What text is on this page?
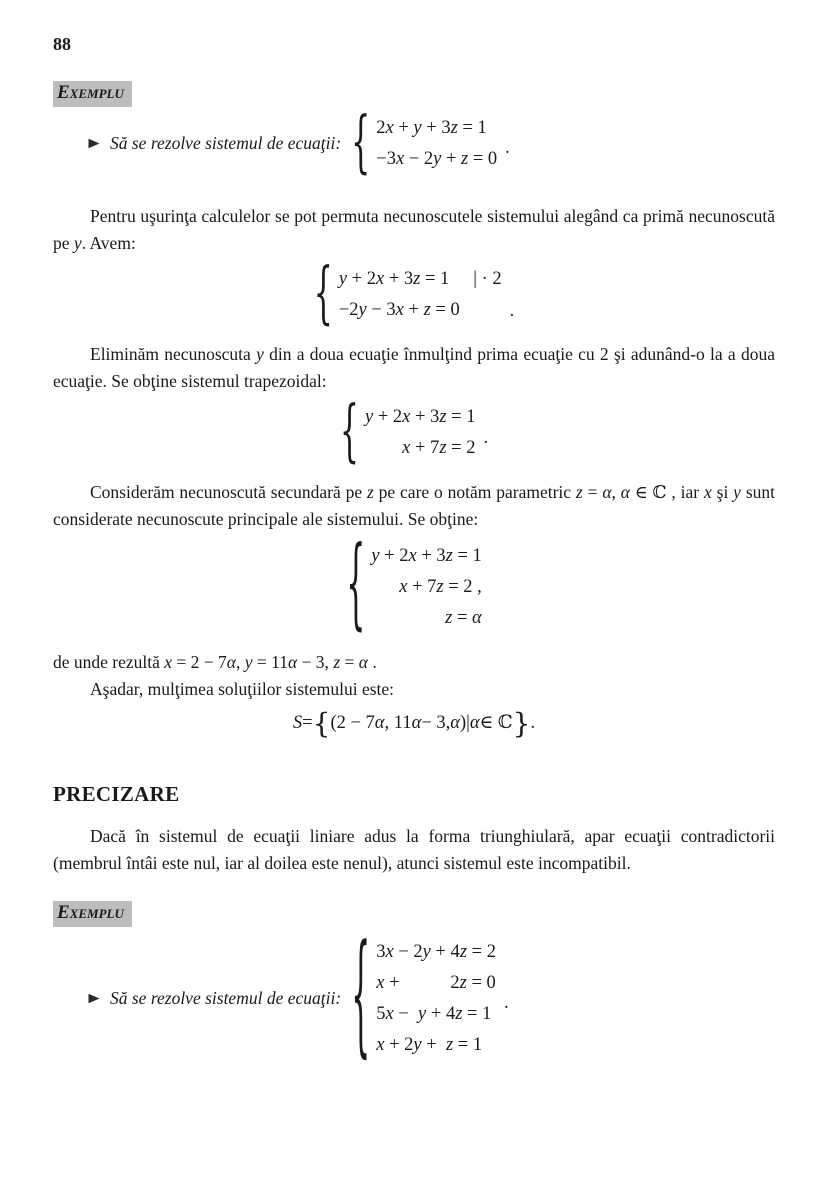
88
Exemplu
Să se rezolve sistemul de ecuaţii: { 2x + y + 3z = 1
−3x − 2y + z = 0
.

Pentru uşurinţa calculelor se pot permuta necunoscutele sistemului alegând ca primă necunoscută pe y. Avem:

{ y + 2x + 3z = 1 | · 2
−2y − 3x + z = 0	.

Eliminăm necunoscuta y din a doua ecuaţie înmulţind prima ecuaţie cu 2 şi adunând-o la a doua ecuaţie. Se obţine sistemul trapezoidal:

{ y + 2x + 3z = 1
x + 7z = 2
.

Considerăm necunoscută secundară pe z pe care o notăm parametric z = α, α ∈ ℂ , iar x şi y sunt considerate necunoscute principale ale sistemului. Se obţine:

{ y + 2x + 3z = 1
x + 7z = 2 ,
z = α
de unde rezultă x = 2 − 7α, y = 11α − 3, z = α .
Aşadar, mulţimea soluţiilor sistemului este:
S = { (2 − 7 α , 11 α − 3, α )| α ∈ ℂ } .
PRECIZARE

Dacă în sistemul de ecuaţii liniare adus la forma triunghiulară, apar ecuaţii contradictorii (membrul întâi este nul, iar al doilea este nenul), atunci sistemul este incompatibil.

Exemplu
Să se rezolve sistemul de ecuaţii: { 3x − 2y + 4z = 2
x +           2z = 0
5x −  y + 4z = 1
x + 2y +  z = 1
.
